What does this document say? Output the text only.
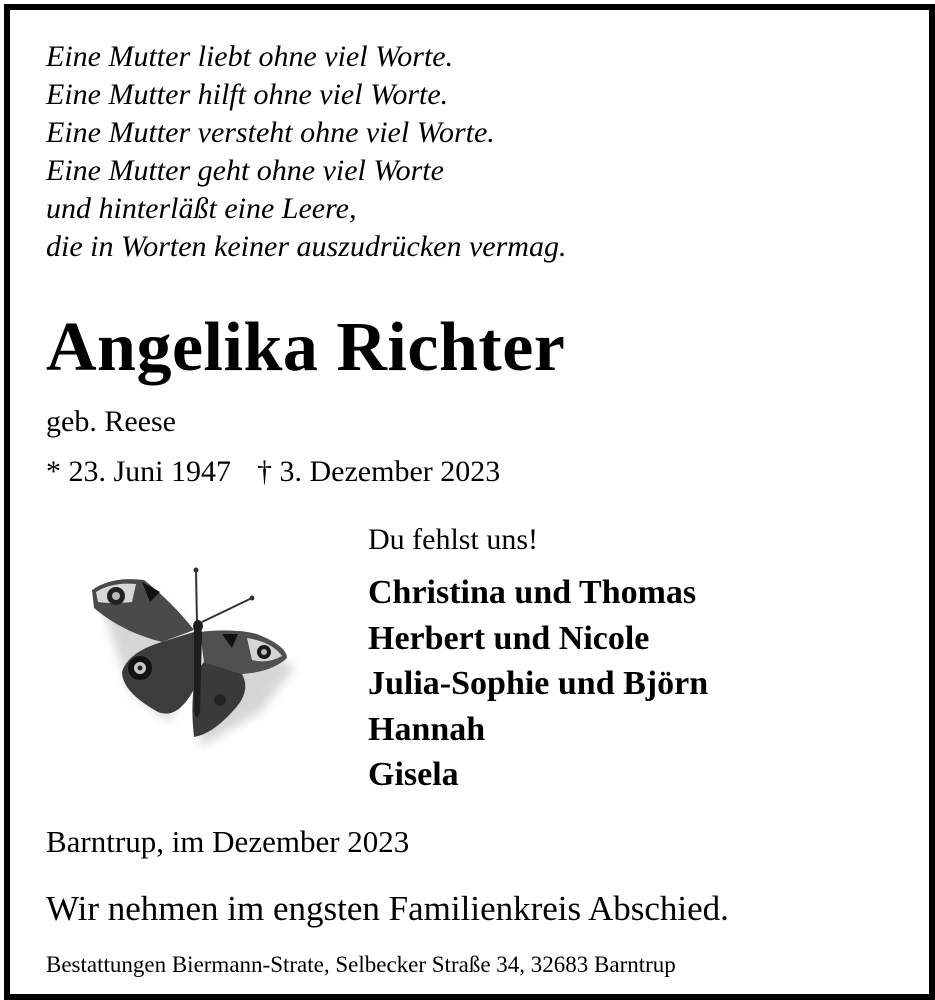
Eine Mutter liebt ohne viel Worte.
Eine Mutter hilft ohne viel Worte.
Eine Mutter versteht ohne viel Worte.
Eine Mutter geht ohne viel Worte
und hinterläßt eine Leere,
die in Worten keiner auszudrücken vermag.
Angelika Richter
geb. Reese
* 23. Juni 1947 † 3. Dezember 2023
Du fehlst uns!
Christina und Thomas
Herbert und Nicole
Julia-Sophie und Björn
Hannah
Gisela
Barntrup, im Dezember 2023
Wir nehmen im engsten Familienkreis Abschied.
Bestattungen Biermann-Strate, Selbecker Straße 34, 32683 Barntrup
